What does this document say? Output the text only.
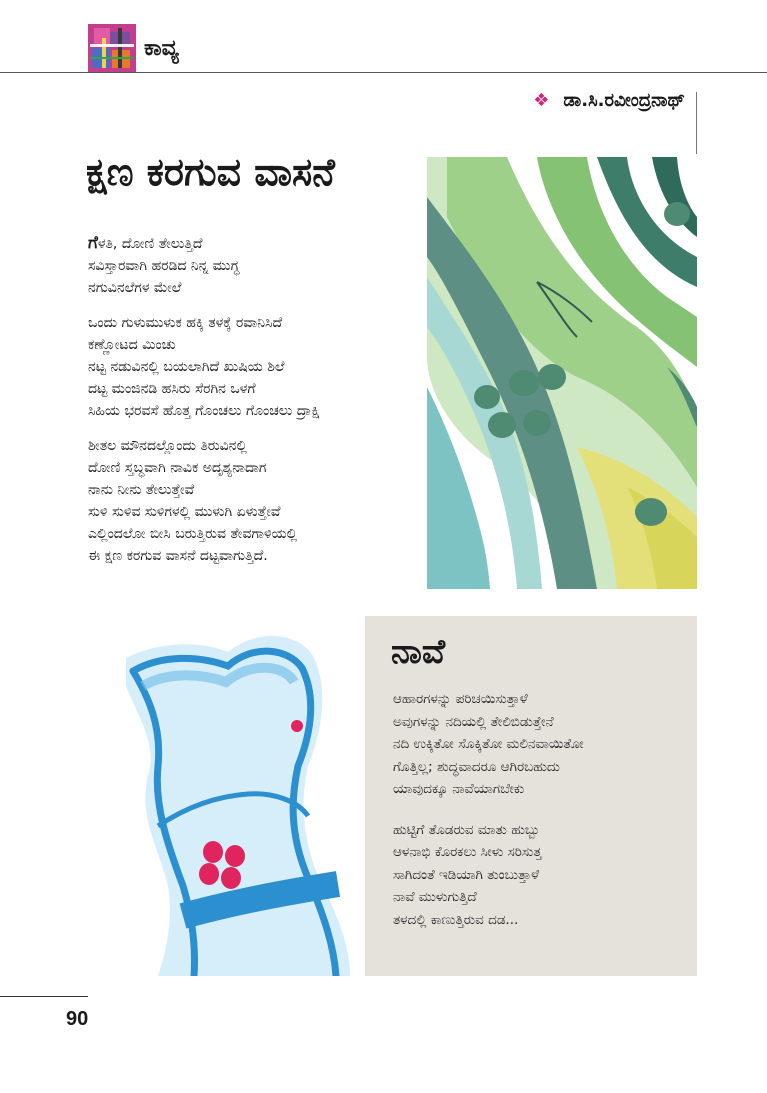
ಕಾವ್ಯ
❖ ಡಾ.ಸಿ.ರವೀಂದ್ರನಾಥ್
ಕ್ಷಣ ಕರಗುವ ವಾಸನೆ
ಗೆಳತಿ, ದೋಣಿ ತೇಲುತ್ತಿದೆ
ಸವಿಸ್ತಾರವಾಗಿ ಹರಡಿದ ನಿನ್ನ ಮುಗ್ಧ
ನಗುವಿನಲೆಗಳ ಮೇಲೆ
ಒಂದು ಗುಳುಮುಳುಕ ಹಕ್ಕಿ ತಳಕ್ಕೆ ರವಾನಿಸಿದೆ
ಕಣ್ಣೋಟದ ಮಿಂಚು
ನಟ್ಟ ನಡುವಿನಲ್ಲಿ ಬಯಲಾಗಿದೆ ಖುಷಿಯ ಶಿಲೆ
ದಟ್ಟ ಮಂಜಿನಡಿ ಹಸಿರು ಸೆರಗಿನ ಒಳಗೆ
ಸಿಹಿಯ ಭರವಸೆ ಹೊತ್ತ ಗೊಂಚಲು ಗೊಂಚಲು ದ್ರಾಕ್ಷಿ
ಶೀತಲ ಮೌನದಲ್ಲೊಂದು ತಿರುವಿನಲ್ಲಿ
ದೋಣಿ ಸ್ತಬ್ಧವಾಗಿ ನಾವಿಕ ಅದೃಶ್ಯನಾದಾಗ
ನಾನು ನೀನು ತೇಲುತ್ತೇವೆ
ಸುಳಿ ಸುಳಿವ ಸುಳಿಗಳಲ್ಲಿ ಮುಳುಗಿ ಏಳುತ್ತೇವೆ
ಎಲ್ಲಿಂದಲೋ ಬೀಸಿ ಬರುತ್ತಿರುವ ತೇವಗಾಳಿಯಲ್ಲಿ
ಈ ಕ್ಷಣ ಕರಗುವ ವಾಸನೆ ದಟ್ಟವಾಗುತ್ತಿದೆ.
ನಾವೆ
ಆಹಾರಗಳನ್ನು ಪರಿಚಯಿಸುತ್ತಾಳೆ
ಅವುಗಳನ್ನು ನದಿಯಲ್ಲಿ ತೇಲಿಬಿಡುತ್ತೇನೆ
ನದಿ ಉಕ್ಕಿತೋ ಸೊಕ್ಕಿತೋ ಮಲಿನವಾಯಿತೋ
ಗೊತ್ತಿಲ್ಲ; ಶುದ್ಧವಾದರೂ ಆಗಿರಬಹುದು
ಯಾವುದಕ್ಕೂ ನಾವೆಯಾಗಬೇಕು
ಹುಟ್ಟಿಗೆ ತೊಡರುವ ಮಾತು ಹುಬ್ಬು
ಆಳನಾಭಿ ಕೊರಕಲು ಸೀಳು ಸರಿಸುತ್ತ
ಸಾಗಿದಂತೆ ಇಡಿಯಾಗಿ ತುಂಬುತ್ತಾಳೆ
ನಾವೆ ಮುಳುಗುತ್ತಿದೆ
ತಳದಲ್ಲಿ ಕಾಣುತ್ತಿರುವ ದಡ...
90
